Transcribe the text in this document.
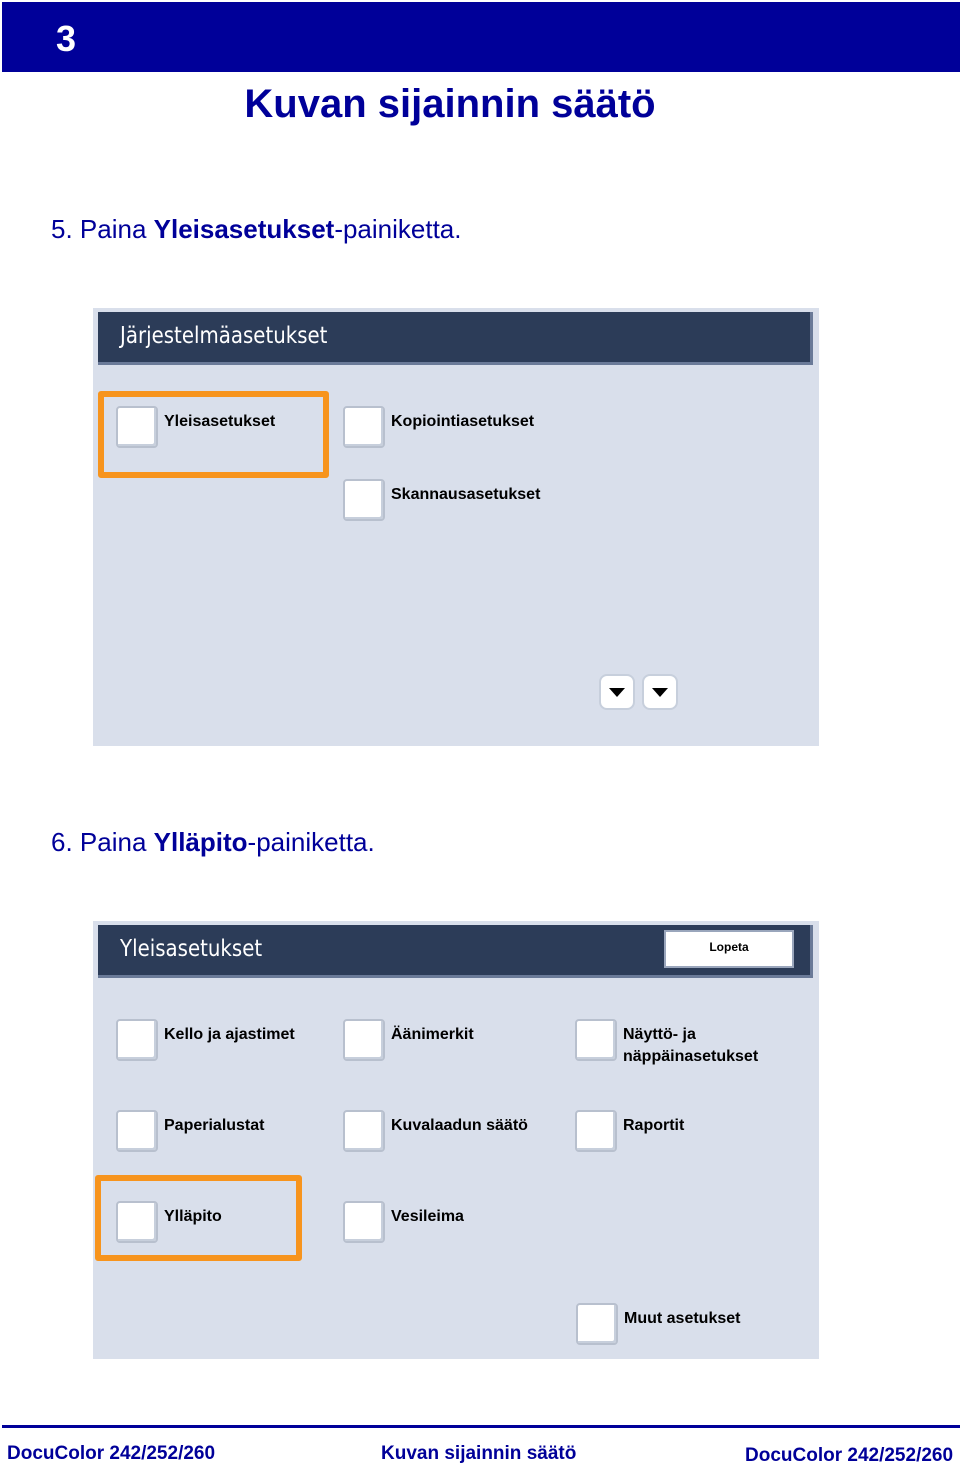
3
Kuvan sijainnin säätö
5. Paina Yleisasetukset-painiketta.
Järjestelmäasetukset
Yleisasetukset	Kopiointiasetukset
Skannausasetukset
6. Paina Ylläpito-painiketta.
Yleisasetukset	Lopeta
Kello ja ajastimet	Äänimerkit	Näyttö- ja
näppäinasetukset
Paperialustat	Kuvalaadun säätö	Raportit
Ylläpito	Vesileima
Muut asetukset
DocuColor 242/252/260	Kuvan sijainnin säätö	DocuColor 242/252/260
